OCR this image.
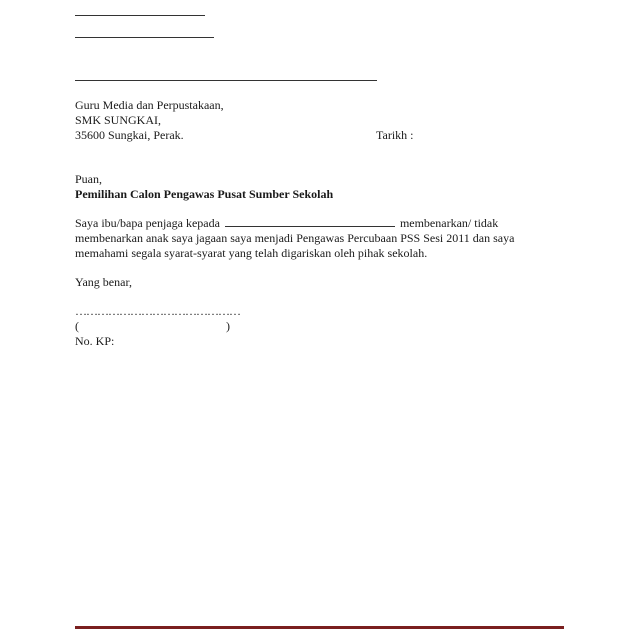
Guru Media dan Perpustakaan,
SMK SUNGKAI,
35600 Sungkai, Perak.	Tarikh :
Puan,
Pemilihan Calon Pengawas Pusat Sumber Sekolah
Saya ibu/bapa penjaga kepada	membenarkan/ tidak
membenarkan anak saya jagaan saya menjadi Pengawas Percubaan PSS Sesi 2011 dan saya
memahami segala syarat-syarat yang telah digariskan oleh pihak sekolah.
Yang benar,
………………………………………
(	)
No. KP:
